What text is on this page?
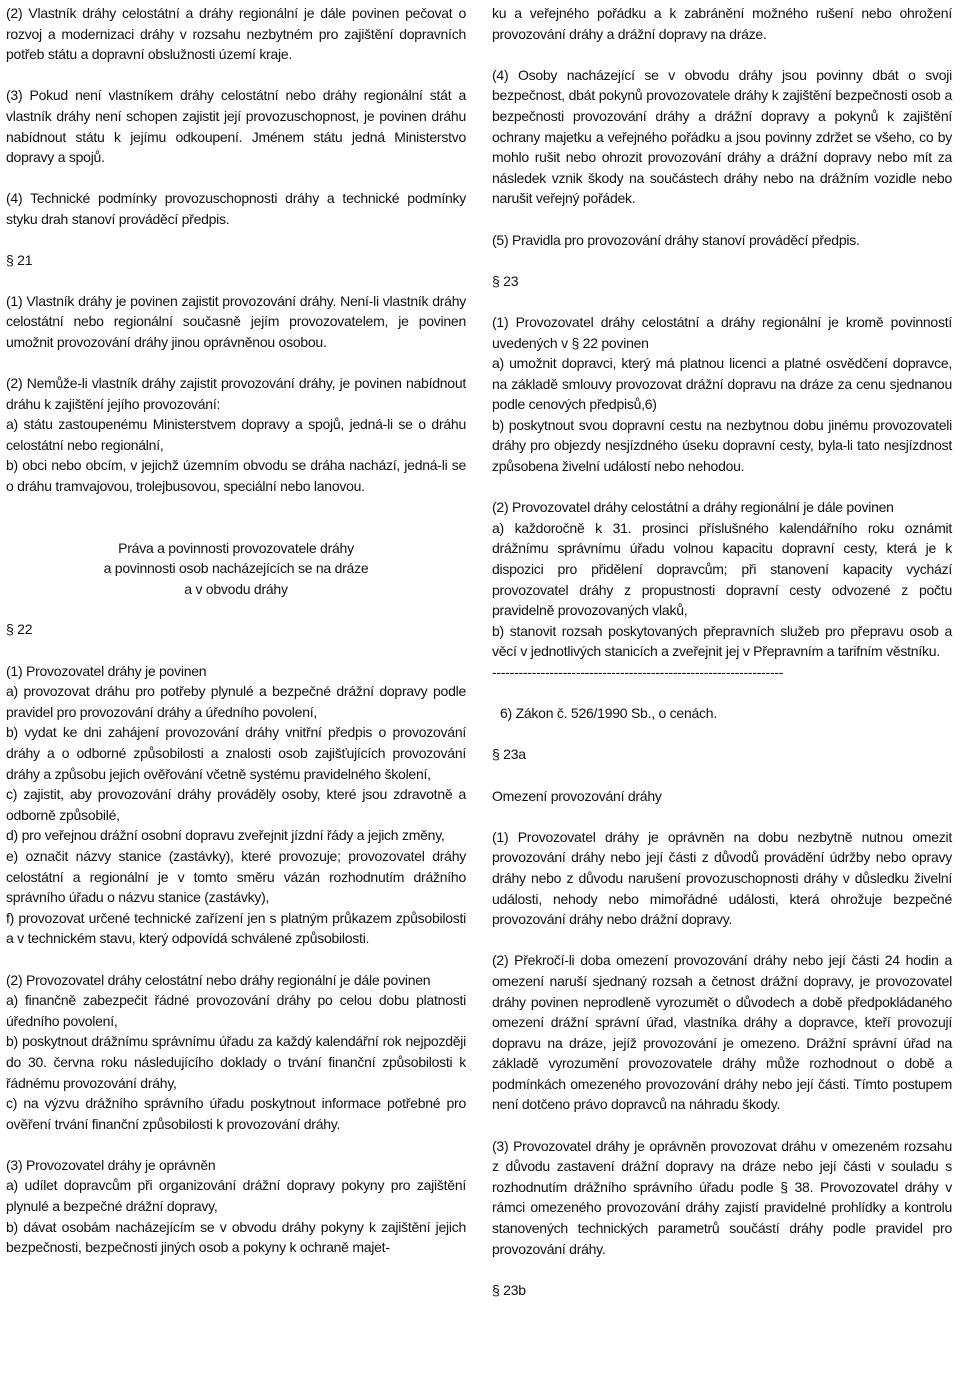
(2) Vlastník dráhy celostátní a dráhy regionální je dále povinen pečovat o rozvoj a modernizaci dráhy v rozsahu nezbytném pro zajištění dopravních potřeb státu a dopravní obslužnosti území kraje.

(3) Pokud není vlastníkem dráhy celostátní nebo dráhy regionální stát a vlastník dráhy není schopen zajistit její provozuschopnost, je povinen dráhu nabídnout státu k jejímu odkoupení. Jménem státu jedná Ministerstvo dopravy a spojů.

(4) Technické podmínky provozuschopnosti dráhy a technické podmínky styku drah stanoví prováděcí předpis.

§ 21

(1) Vlastník dráhy je povinen zajistit provozování dráhy. Není-li vlastník dráhy celostátní nebo regionální současně jejím provozovatelem, je povinen umožnit provozování dráhy jinou oprávněnou osobou.

(2) Nemůže-li vlastník dráhy zajistit provozování dráhy, je povinen nabídnout dráhu k zajištění jejího provozování:

a) státu zastoupenému Ministerstvem dopravy a spojů, jedná-li se o dráhu celostátní nebo regionální,

b) obci nebo obcím, v jejichž územním obvodu se dráha nachází, jedná-li se o dráhu tramvajovou, trolejbusovou, speciální nebo lanovou.

Práva a povinnosti provozovatele dráhy
a povinnosti osob nacházejících se na dráze
a v obvodu dráhy

§ 22

(1) Provozovatel dráhy je povinen

a) provozovat dráhu pro potřeby plynulé a bezpečné drážní dopravy podle pravidel pro provozování dráhy a úředního povolení,

b) vydat ke dni zahájení provozování dráhy vnitřní předpis o provozování dráhy a o odborné způsobilosti a znalosti osob zajišťujících provozování dráhy a způsobu jejich ověřování včetně systému pravidelného školení,

c) zajistit, aby provozování dráhy prováděly osoby, které jsou zdravotně a odborně způsobilé,

d) pro veřejnou drážní osobní dopravu zveřejnit jízdní řády a jejich změny,

e) označit názvy stanice (zastávky), které provozuje; provozovatel dráhy celostátní a regionální je v tomto směru vázán rozhodnutím drážního správního úřadu o názvu stanice (zastávky),

f) provozovat určené technické zařízení jen s platným průkazem způsobilosti a v technickém stavu, který odpovídá schválené způsobilosti.

(2) Provozovatel dráhy celostátní nebo dráhy regionální je dále povinen

a) finančně zabezpečit řádné provozování dráhy po celou dobu platnosti úředního povolení,

b) poskytnout drážnímu správnímu úřadu za každý kalendářní rok nejpozději do 30. června roku následujícího doklady o trvání finanční způsobilosti k řádnému provozování dráhy,

c) na výzvu drážního správního úřadu poskytnout informace potřebné pro ověření trvání finanční způsobilosti k provozování dráhy.

(3) Provozovatel dráhy je oprávněn

a) udílet dopravcům při organizování drážní dopravy pokyny pro zajištění plynulé a bezpečné drážní dopravy,

b) dávat osobám nacházejícím se v obvodu dráhy pokyny k zajištění jejich bezpečnosti, bezpečnosti jiných osob a pokyny k ochraně majet-

ku a veřejného pořádku a k zabránění možného rušení nebo ohrožení provozování dráhy a drážní dopravy na dráze.

(4) Osoby nacházející se v obvodu dráhy jsou povinny dbát o svoji bezpečnost, dbát pokynů provozovatele dráhy k zajištění bezpečnosti osob a bezpečnosti provozování dráhy a drážní dopravy a pokynů k zajištění ochrany majetku a veřejného pořádku a jsou povinny zdržet se všeho, co by mohlo rušit nebo ohrozit provozování dráhy a drážní dopravy nebo mít za následek vznik škody na součástech dráhy nebo na drážním vozidle nebo narušit veřejný pořádek.

(5) Pravidla pro provozování dráhy stanoví prováděcí předpis.

§ 23

(1) Provozovatel dráhy celostátní a dráhy regionální je kromě povinností uvedených v § 22 povinen

a) umožnit dopravci, který má platnou licenci a platné osvědčení dopravce, na základě smlouvy provozovat drážní dopravu na dráze za cenu sjednanou podle cenových předpisů,6)

b) poskytnout svou dopravní cestu na nezbytnou dobu jinému provozovateli dráhy pro objezdy nesjízdného úseku dopravní cesty, byla-li tato nesjízdnost způsobena živelní událostí nebo nehodou.

(2) Provozovatel dráhy celostátní a dráhy regionální je dále povinen

a) každoročně k 31. prosinci příslušného kalendářního roku oznámit drážnímu správnímu úřadu volnou kapacitu dopravní cesty, která je k dispozici pro přidělení dopravcům; při stanovení kapacity vychází provozovatel dráhy z propustnosti dopravní cesty odvozené z počtu pravidelně provozovaných vlaků,

b) stanovit rozsah poskytovaných přepravních služeb pro přepravu osob a věcí v jednotlivých stanicích a zveřejnit jej v Přepravním a tarifním věstníku.

------------------------------------------------------------------

6) Zákon č. 526/1990 Sb., o cenách.

§ 23a

Omezení provozování dráhy

(1) Provozovatel dráhy je oprávněn na dobu nezbytně nutnou omezit provozování dráhy nebo její části z důvodů provádění údržby nebo opravy dráhy nebo z důvodu narušení provozuschopnosti dráhy v důsledku živelní události, nehody nebo mimořádné události, která ohrožuje bezpečné provozování dráhy nebo drážní dopravy.

(2) Překročí-li doba omezení provozování dráhy nebo její části 24 hodin a omezení naruší sjednaný rozsah a četnost drážní dopravy, je provozovatel dráhy povinen neprodleně vyrozumět o důvodech a době předpokládaného omezení drážní správní úřad, vlastníka dráhy a dopravce, kteří provozují dopravu na dráze, jejíž provozování je omezeno. Drážní správní úřad na základě vyrozumění provozovatele dráhy může rozhodnout o době a podmínkách omezeného provozování dráhy nebo její části. Tímto postupem není dotčeno právo dopravců na náhradu škody.

(3) Provozovatel dráhy je oprávněn provozovat dráhu v omezeném rozsahu z důvodu zastavení drážní dopravy na dráze nebo její části v souladu s rozhodnutím drážního správního úřadu podle § 38. Provozovatel dráhy v rámci omezeného provozování dráhy zajistí pravidelné prohlídky a kontrolu stanovených technických parametrů součástí dráhy podle pravidel pro provozování dráhy.

§ 23b
